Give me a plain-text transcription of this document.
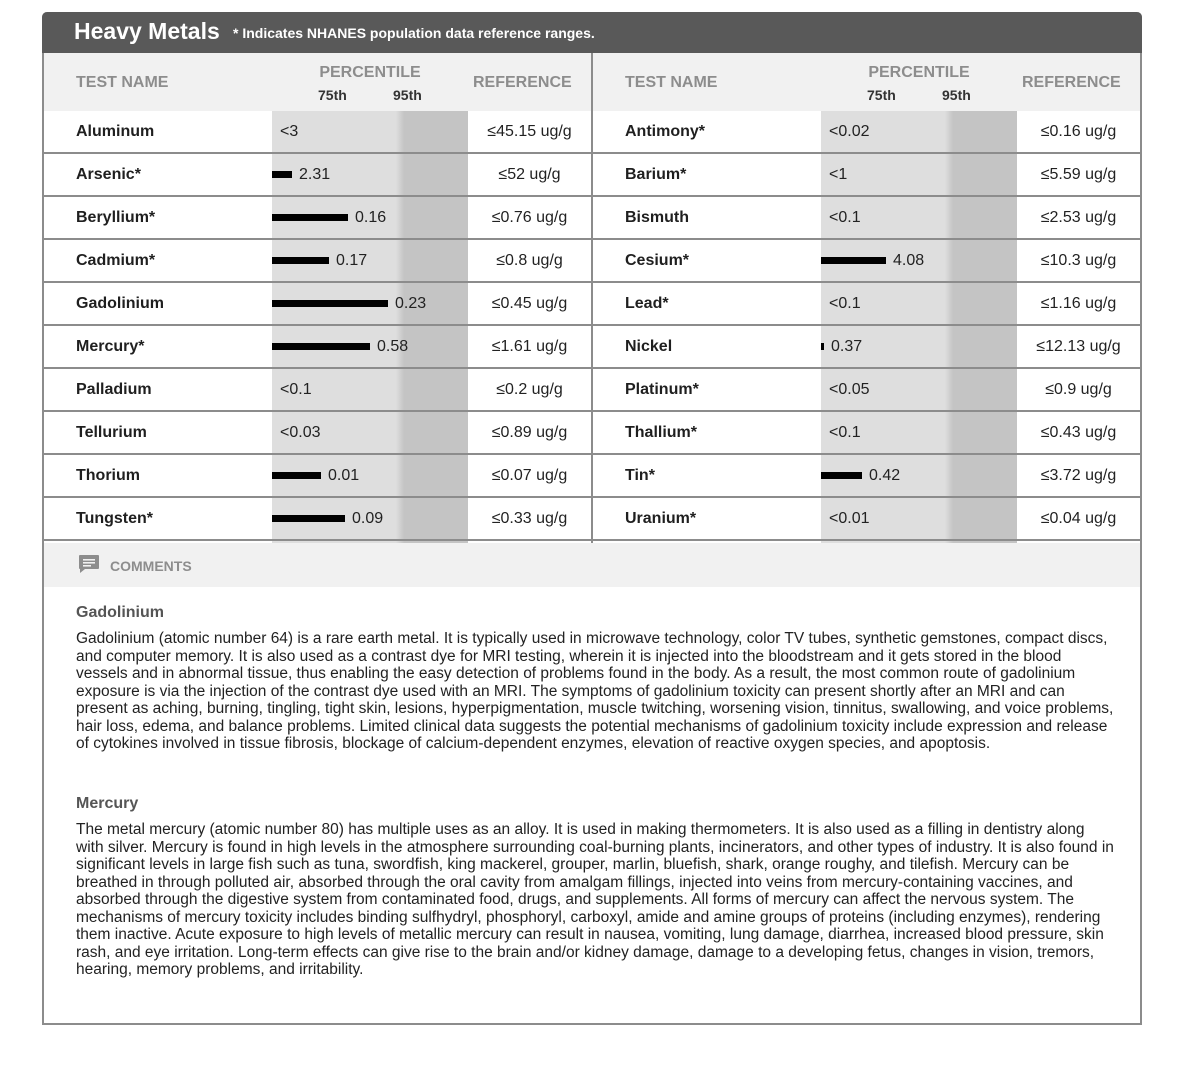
Heavy Metals * Indicates NHANES population data reference ranges.
TEST NAME
PERCENTILE
75th	95th
REFERENCE
Aluminum	<3	≤45.15 ug/g
Arsenic*	2.31	≤52 ug/g
Beryllium*	0.16	≤0.76 ug/g
Cadmium*	0.17	≤0.8 ug/g
Gadolinium	0.23	≤0.45 ug/g
Mercury*	0.58	≤1.61 ug/g
Palladium	<0.1	≤0.2 ug/g
Tellurium	<0.03	≤0.89 ug/g
Thorium	0.01	≤0.07 ug/g
Tungsten*	0.09	≤0.33 ug/g
TEST NAME
PERCENTILE
75th	95th
REFERENCE
Antimony*	<0.02	≤0.16 ug/g
Barium*	<1	≤5.59 ug/g
Bismuth	<0.1	≤2.53 ug/g
Cesium*	4.08	≤10.3 ug/g
Lead*	<0.1	≤1.16 ug/g
Nickel	0.37	≤12.13 ug/g
Platinum*	<0.05	≤0.9 ug/g
Thallium*	<0.1	≤0.43 ug/g
Tin*	0.42	≤3.72 ug/g
Uranium*	<0.01	≤0.04 ug/g
COMMENTS
Gadolinium

Gadolinium (atomic number 64) is a rare earth metal. It is typically used in microwave technology, color TV tubes, synthetic gemstones, compact discs, and computer memory. It is also used as a contrast dye for MRI testing, wherein it is injected into the bloodstream and it gets stored in the blood vessels and in abnormal tissue, thus enabling the easy detection of problems found in the body. As a result, the most common route of gadolinium exposure is via the injection of the contrast dye used with an MRI. The symptoms of gadolinium toxicity can present shortly after an MRI and can present as aching, burning, tingling, tight skin, lesions, hyperpigmentation, muscle twitching, worsening vision, tinnitus, swallowing, and voice problems, hair loss, edema, and balance problems. Limited clinical data suggests the potential mechanisms of gadolinium toxicity include expression and release of cytokines involved in tissue fibrosis, blockage of calcium-dependent enzymes, elevation of reactive oxygen species, and apoptosis.

Mercury

The metal mercury (atomic number 80) has multiple uses as an alloy. It is used in making thermometers. It is also used as a filling in dentistry along with silver. Mercury is found in high levels in the atmosphere surrounding coal-burning plants, incinerators, and other types of industry. It is also found in significant levels in large fish such as tuna, swordfish, king mackerel, grouper, marlin, bluefish, shark, orange roughy, and tilefish. Mercury can be breathed in through polluted air, absorbed through the oral cavity from amalgam fillings, injected into veins from mercury-containing vaccines, and absorbed through the digestive system from contaminated food, drugs, and supplements. All forms of mercury can affect the nervous system. The mechanisms of mercury toxicity includes binding sulfhydryl, phosphoryl, carboxyl, amide and amine groups of proteins (including enzymes), rendering them inactive. Acute exposure to high levels of metallic mercury can result in nausea, vomiting, lung damage, diarrhea, increased blood pressure, skin rash, and eye irritation. Long-term effects can give rise to the brain and/or kidney damage, damage to a developing fetus, changes in vision, tremors, hearing, memory problems, and irritability.
